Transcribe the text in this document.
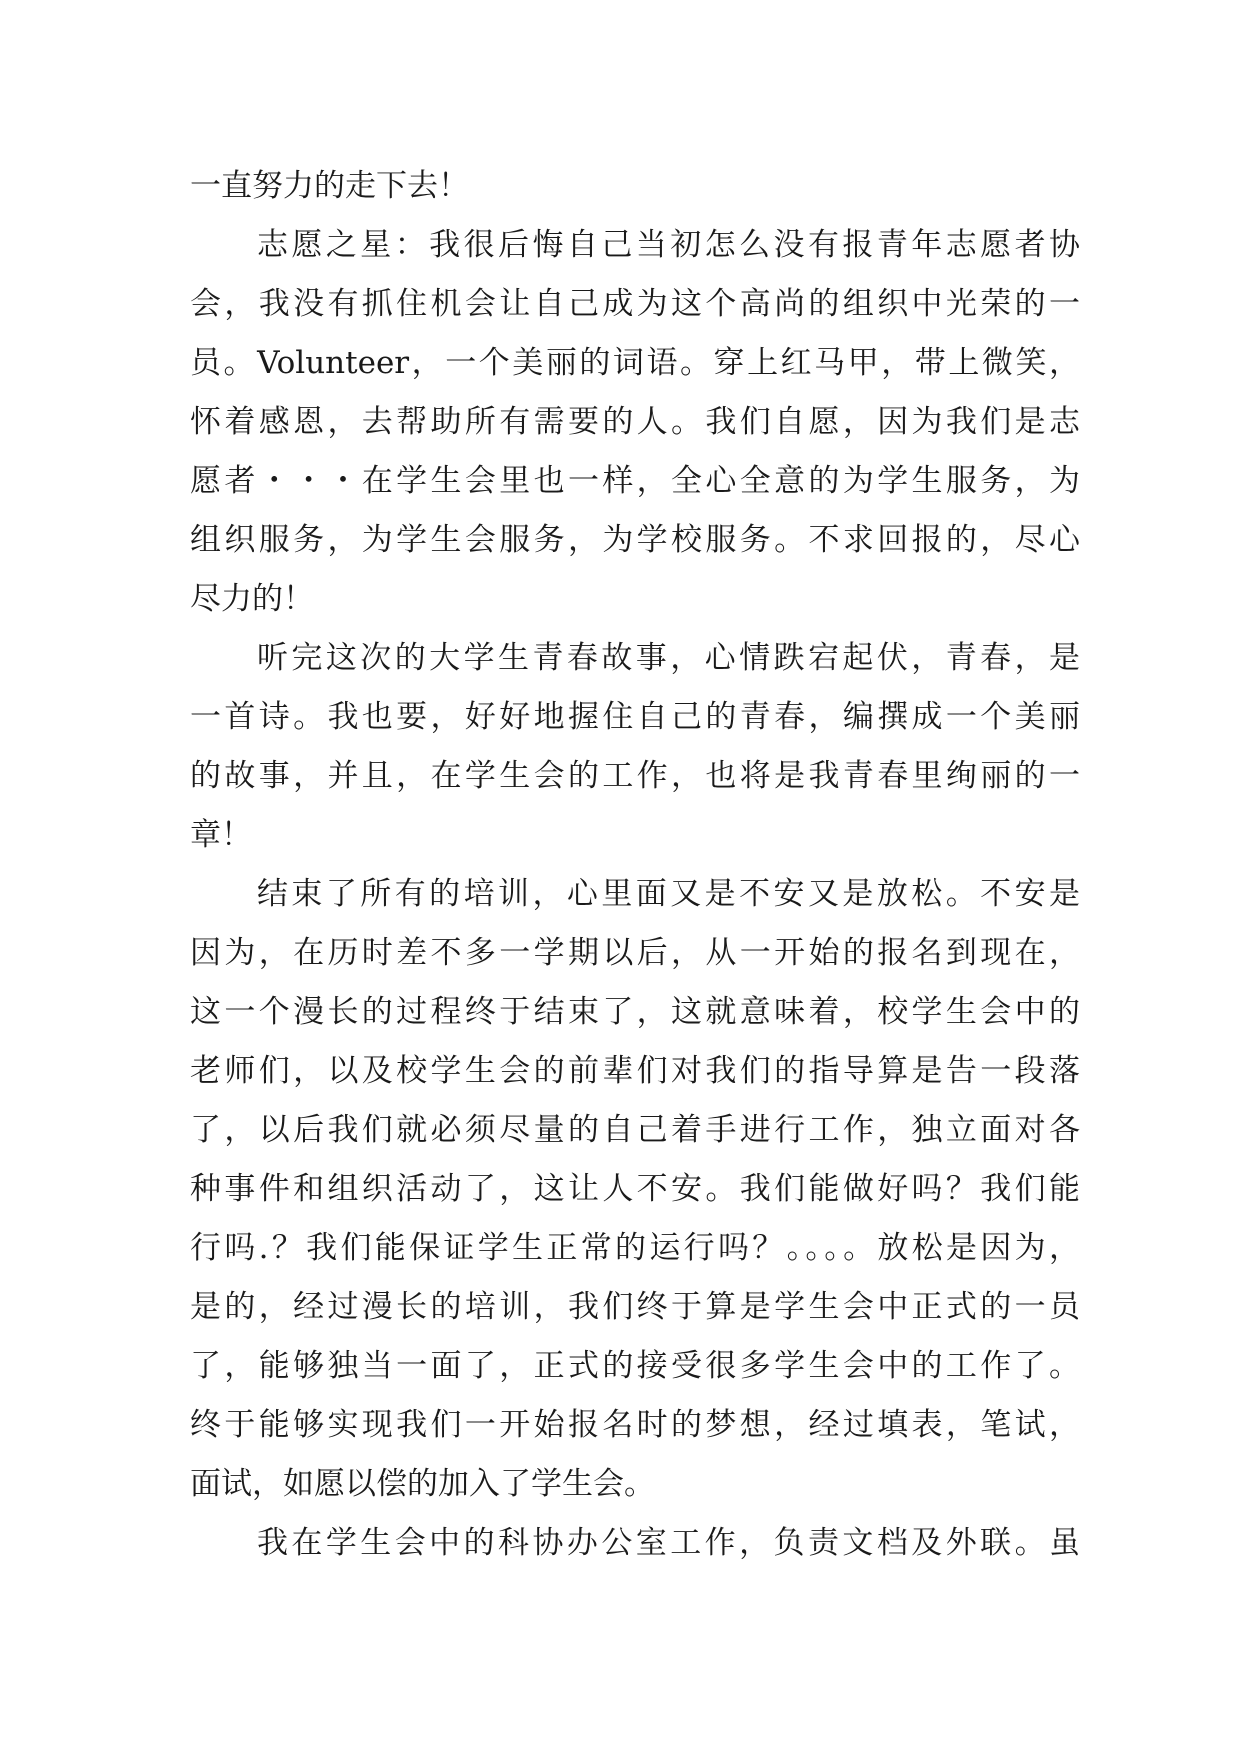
一直努力的走下去！
志愿之星：我很后悔自己当初怎么没有报青年志愿者协
会，我没有抓住机会让自己成为这个高尚的组织中光荣的一
员。Volunteer，一个美丽的词语。穿上红马甲，带上微笑，
怀着感恩，去帮助所有需要的人。我们自愿，因为我们是志
愿者・・・在学生会里也一样，全心全意的为学生服务，为
组织服务，为学生会服务，为学校服务。不求回报的，尽心
尽力的！
听完这次的大学生青春故事，心情跌宕起伏，青春，是
一首诗。我也要，好好地握住自己的青春，编撰成一个美丽
的故事，并且，在学生会的工作，也将是我青春里绚丽的一
章！
结束了所有的培训，心里面又是不安又是放松。不安是
因为，在历时差不多一学期以后，从一开始的报名到现在，
这一个漫长的过程终于结束了，这就意味着，校学生会中的
老师们，以及校学生会的前辈们对我们的指导算是告一段落
了，以后我们就必须尽量的自己着手进行工作，独立面对各
种事件和组织活动了，这让人不安。我们能做好吗？我们能
行吗.？我们能保证学生正常的运行吗？。。。。放松是因为，
是的，经过漫长的培训，我们终于算是学生会中正式的一员
了，能够独当一面了，正式的接受很多学生会中的工作了。
终于能够实现我们一开始报名时的梦想，经过填表，笔试，
面试，如愿以偿的加入了学生会。
我在学生会中的科协办公室工作，负责文档及外联。虽
